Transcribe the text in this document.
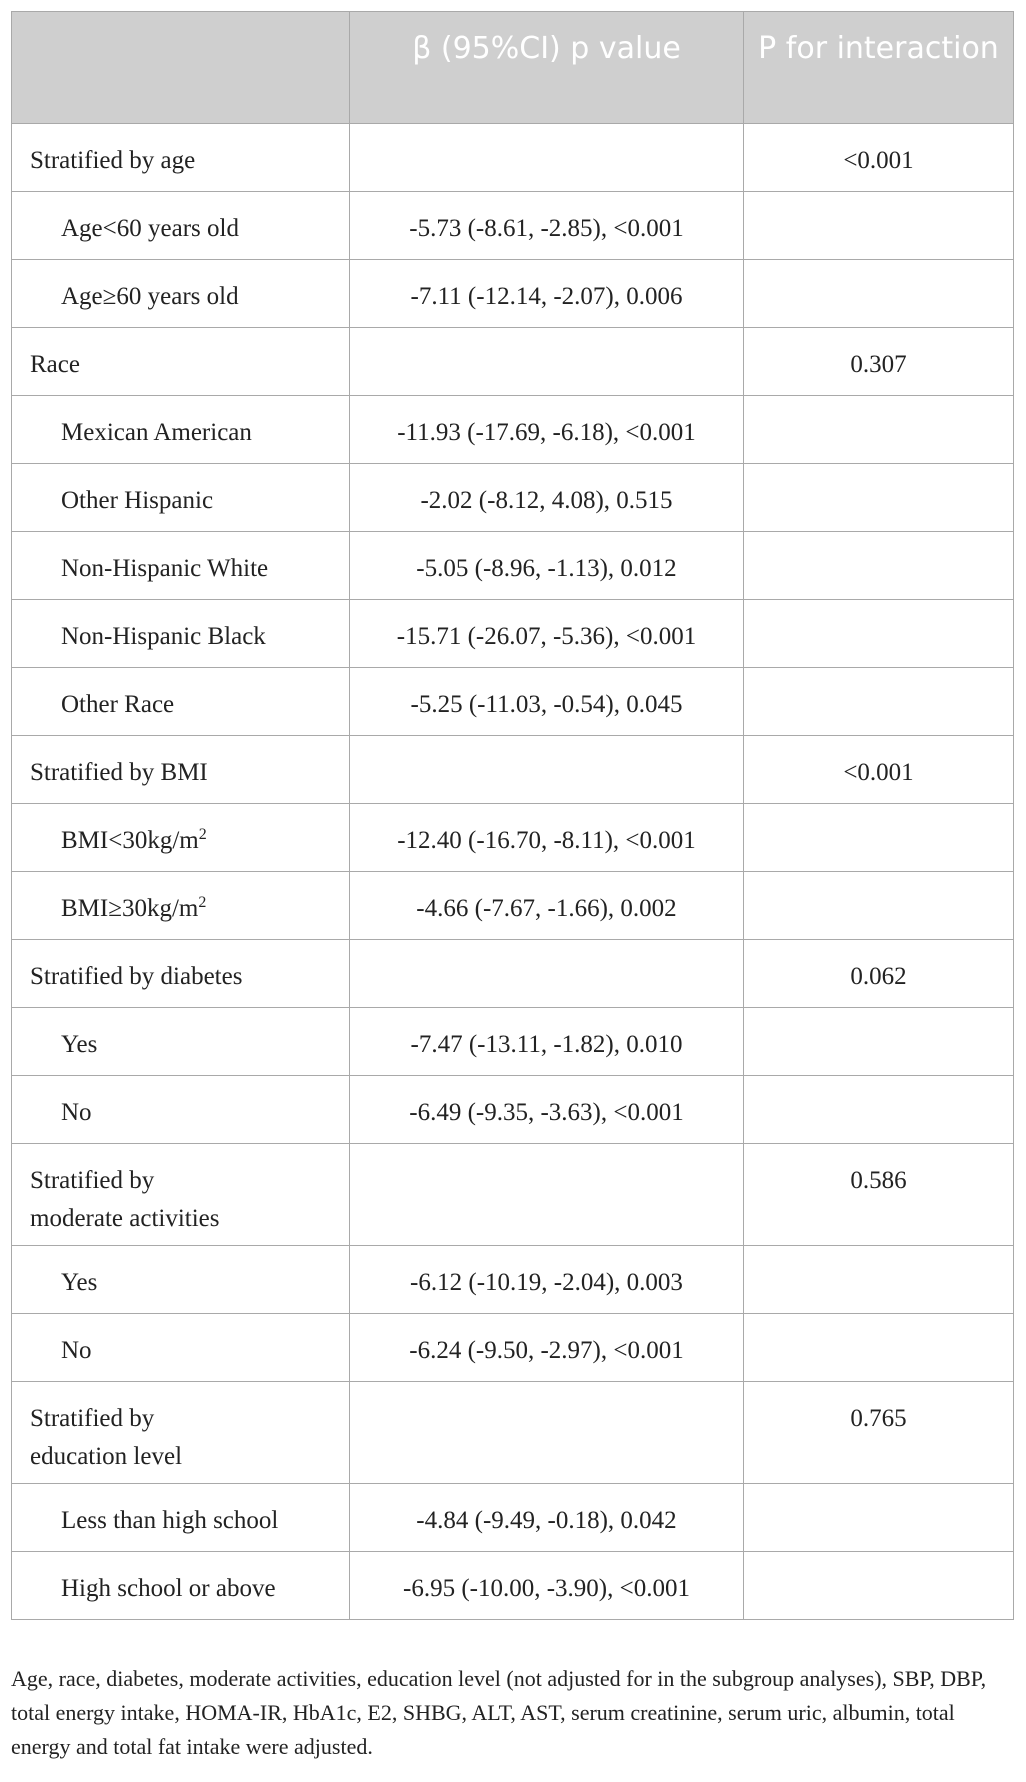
	β (95%CI) p value	P for interaction

Stratified by age		<0.001
Age<60 years old	-5.73 (-8.61, -2.85), <0.001	
Age≥60 years old	-7.11 (-12.14, -2.07), 0.006	
Race		0.307
Mexican American	-11.93 (-17.69, -6.18), <0.001	
Other Hispanic	-2.02 (-8.12, 4.08), 0.515	
Non-Hispanic White	-5.05 (-8.96, -1.13), 0.012	
Non-Hispanic Black	-15.71 (-26.07, -5.36), <0.001	
Other Race	-5.25 (-11.03, -0.54), 0.045	
Stratified by BMI		<0.001
$BMI<30kg/m^2$	-12.40 (-16.70, -8.11), <0.001	
$BMI\ge 30kg/m^2$	-4.66 (-7.67, -1.66), 0.002	
Stratified by diabetes		0.062
Yes	-7.47 (-13.11, -1.82), 0.010	
No	-6.49 (-9.35, -3.63), <0.001	
Stratified by
moderate activities		0.586
Yes	-6.12 (-10.19, -2.04), 0.003	
No	-6.24 (-9.50, -2.97), <0.001	
Stratified by
education level		0.765
Less than high school	-4.84 (-9.49, -0.18), 0.042	
High school or above	-6.95 (-10.00, -3.90), <0.001	
Age, race, diabetes, moderate activities, education level (not adjusted for in the subgroup analyses), SBP, DBP, total energy intake, HOMA-IR, HbA1c, E2, SHBG, ALT, AST, serum creatinine, serum uric, albumin, total energy and total fat intake were adjusted.
